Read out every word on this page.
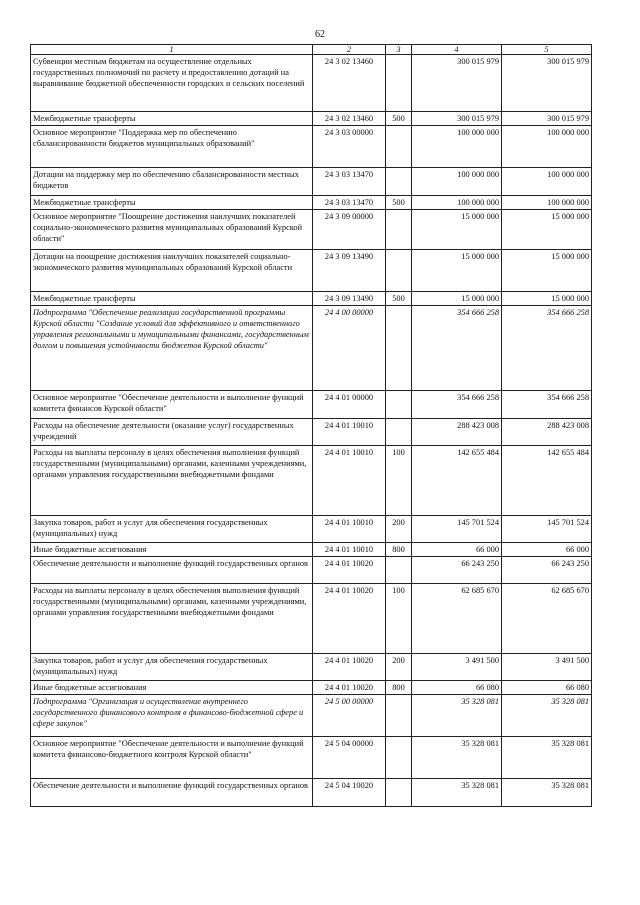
62
1	2	3	4	5
Субвенции местным бюджетам на осуществление отдельных государственных полномочий по расчету и предоставлению дотаций на выравнивание бюджетной обеспеченности городских и сельских поселений	24 3 02 13460		300 015 979	300 015 979
Межбюджетные трансферты	24 3 02 13460	500	300 015 979	300 015 979
Основное мероприятие "Поддержка мер по обеспечению сбалансированности бюджетов муниципальных образований"	24 3 03 00000		100 000 000	100 000 000
Дотации на поддержку мер по обеспечению сбалансированности местных бюджетов	24 3 03 13470		100 000 000	100 000 000
Межбюджетные трансферты	24 3 03 13470	500	100 000 000	100 000 000
Основное мероприятие "Поощрение достижения наилучших показателей социально-экономического развития муниципальных образований Курской области"	24 3 09 00000		15 000 000	15 000 000
Дотации на поощрение достижения наилучших показателей социально-экономического развития муниципальных образований Курской области	24 3 09 13490		15 000 000	15 000 000
Межбюджетные трансферты	24 3 09 13490	500	15 000 000	15 000 000
Подпрограмма "Обеспечение реализации государственной программы Курской области "Создание условий для эффективного и ответственного управления региональными и муниципальными финансами, государственным долгом и повышения устойчивости бюджетов Курской области"	24 4 00 00000		354 666 258	354 666 258
Основное мероприятие "Обеспечение деятельности и выполнение функций комитета финансов Курской области"	24 4 01 00000		354 666 258	354 666 258
Расходы на обеспечение деятельности (оказание услуг) государственных учреждений	24 4 01 10010		288 423 008	288 423 008
Расходы на выплаты персоналу в целях обеспечения выполнения функций государственными (муниципальными) органами, казенными учреждениями, органами управления государственными внебюджетными фондами	24 4 01 10010	100	142 655 484	142 655 484
Закупка товаров, работ и услуг для обеспечения государственных (муниципальных) нужд	24 4 01 10010	200	145 701 524	145 701 524
Иные бюджетные ассигнования	24 4 01 10010	800	66 000	66 000
Обеспечение деятельности и выполнение функций государственных органов	24 4 01 10020		66 243 250	66 243 250
Расходы на выплаты персоналу в целях обеспечения выполнения функций государственными (муниципальными) органами, казенными учреждениями, органами управления государственными внебюджетными фондами	24 4 01 10020	100	62 685 670	62 685 670
Закупка товаров, работ и услуг для обеспечения государственных (муниципальных) нужд	24 4 01 10020	200	3 491 500	3 491 500
Иные бюджетные ассигнования	24 4 01 10020	800	66 080	66 080
Подпрограмма "Организация и осуществление внутреннего государственного финансового контроля в финансово-бюджетной сфере и сфере закупок"	24 5 00 00000		35 328 081	35 328 081
Основное мероприятие "Обеспечение деятельности и выполнение функций комитета финансово-бюджетного контроля Курской области"	24 5 04 00000		35 328 081	35 328 081
Обеспечение деятельности и выполнение функций государственных органов	24 5 04 10020		35 328 081	35 328 081
